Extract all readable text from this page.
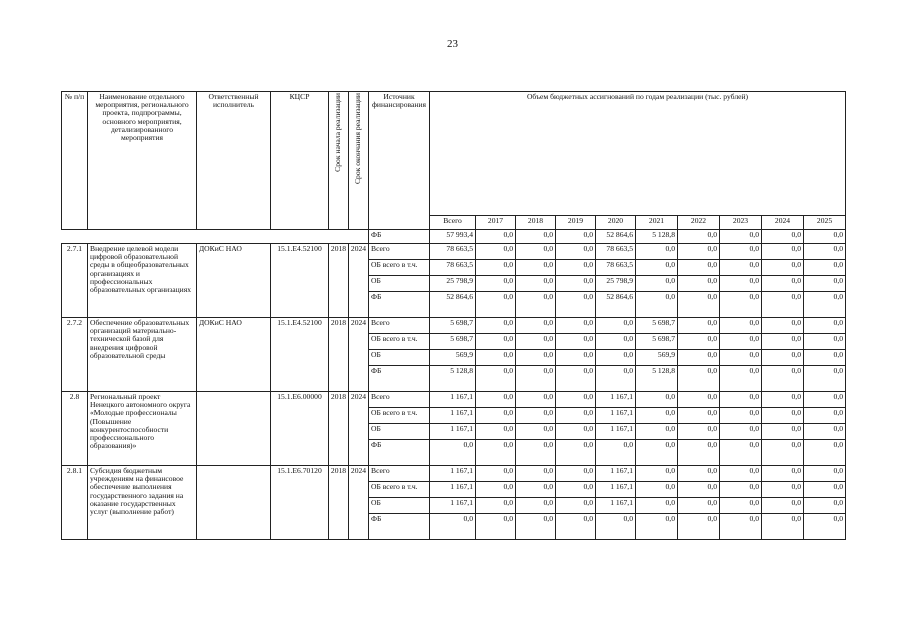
23
№ п/п	Наименование отдельного мероприятия, регионального проекта, подпрограммы, основного мероприятия, детализированного мероприятия	Ответственный исполнитель	КЦСР	Срок начала реализации	Срок окончания реализации	Источник финансирования	Объем бюджетных ассигнований по годам реализации (тыс. рублей)									
							Всего	2017	2018	2019	2020	2021	2022	2023	2024	2025
						ФБ	57 993,4	0,0	0,0	0,0	52 864,6	5 128,8	0,0	0,0	0,0	0,0
2.7.1	Внедрение целевой модели цифровой образовательной среды в общеобразовательных организациях и профессиональных образовательных организациях	ДОКиС НАО	15.1.Е4.52100	2018	2024	Всего	78 663,5	0,0	0,0	0,0	78 663,5	0,0	0,0	0,0	0,0	0,0
						ОБ всего в т.ч.	78 663,5	0,0	0,0	0,0	78 663,5	0,0	0,0	0,0	0,0	0,0
						ОБ	25 798,9	0,0	0,0	0,0	25 798,9	0,0	0,0	0,0	0,0	0,0
						ФБ	52 864,6	0,0	0,0	0,0	52 864,6	0,0	0,0	0,0	0,0	0,0
2.7.2	Обеспечение образовательных организаций материально-технической базой для внедрения цифровой образовательной среды	ДОКиС НАО	15.1.Е4.52100	2018	2024	Всего	5 698,7	0,0	0,0	0,0	0,0	5 698,7	0,0	0,0	0,0	0,0
						ОБ всего в т.ч.	5 698,7	0,0	0,0	0,0	0,0	5 698,7	0,0	0,0	0,0	0,0
						ОБ	569,9	0,0	0,0	0,0	0,0	569,9	0,0	0,0	0,0	0,0
						ФБ	5 128,8	0,0	0,0	0,0	0,0	5 128,8	0,0	0,0	0,0	0,0
2.8	Региональный проект Ненецкого автономного округа «Молодые профессионалы (Повышение конкурентоспособности профессионального образования)»		15.1.Е6.00000	2018	2024	Всего	1 167,1	0,0	0,0	0,0	1 167,1	0,0	0,0	0,0	0,0	0,0
						ОБ всего в т.ч.	1 167,1	0,0	0,0	0,0	1 167,1	0,0	0,0	0,0	0,0	0,0
						ОБ	1 167,1	0,0	0,0	0,0	1 167,1	0,0	0,0	0,0	0,0	0,0
						ФБ	0,0	0,0	0,0	0,0	0,0	0,0	0,0	0,0	0,0	0,0
2.8.1	Субсидия бюджетным учреждениям на финансовое обеспечение выполнения государственного задания на оказание государственных услуг (выполнение работ)		15.1.Е6.70120	2018	2024	Всего	1 167,1	0,0	0,0	0,0	1 167,1	0,0	0,0	0,0	0,0	0,0
						ОБ всего в т.ч.	1 167,1	0,0	0,0	0,0	1 167,1	0,0	0,0	0,0	0,0	0,0
						ОБ	1 167,1	0,0	0,0	0,0	1 167,1	0,0	0,0	0,0	0,0	0,0
						ФБ	0,0	0,0	0,0	0,0	0,0	0,0	0,0	0,0	0,0	0,0
